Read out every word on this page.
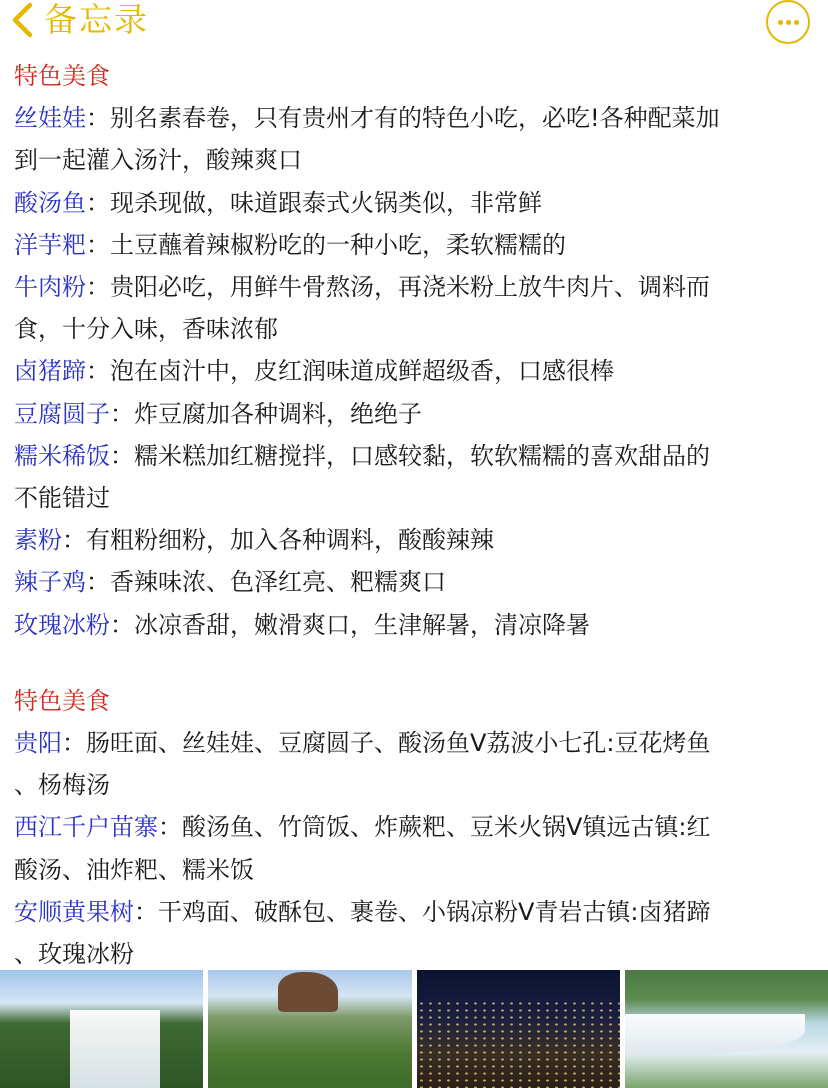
备忘录
特色美食
丝娃娃：别名素春卷，只有贵州才有的特色小吃，必吃!各种配菜加
到一起灌入汤汁，酸辣爽口
酸汤鱼：现杀现做，味道跟泰式火锅类似，非常鲜
洋芋粑：土豆蘸着辣椒粉吃的一种小吃，柔软糯糯的
牛肉粉：贵阳必吃，用鲜牛骨熬汤，再浇米粉上放牛肉片、调料而
食，十分入味，香味浓郁
卤猪蹄：泡在卤汁中，皮红润味道成鲜超级香，口感很棒
豆腐圆子：炸豆腐加各种调料，绝绝子
糯米稀饭：糯米糕加红糖搅拌，口感较黏，软软糯糯的喜欢甜品的
不能错过
素粉：有粗粉细粉，加入各种调料，酸酸辣辣
辣子鸡：香辣味浓、色泽红亮、粑糯爽口
玫瑰冰粉：冰凉香甜，嫩滑爽口，生津解暑，清凉降暑
特色美食
贵阳：肠旺面、丝娃娃、豆腐圆子、酸汤鱼V荔波小七孔:豆花烤鱼
、杨梅汤
西江千户苗寨：酸汤鱼、竹筒饭、炸蕨粑、豆米火锅V镇远古镇:红
酸汤、油炸粑、糯米饭
安顺黄果树：干鸡面、破酥包、裹卷、小锅凉粉V青岩古镇:卤猪蹄
、玫瑰冰粉
